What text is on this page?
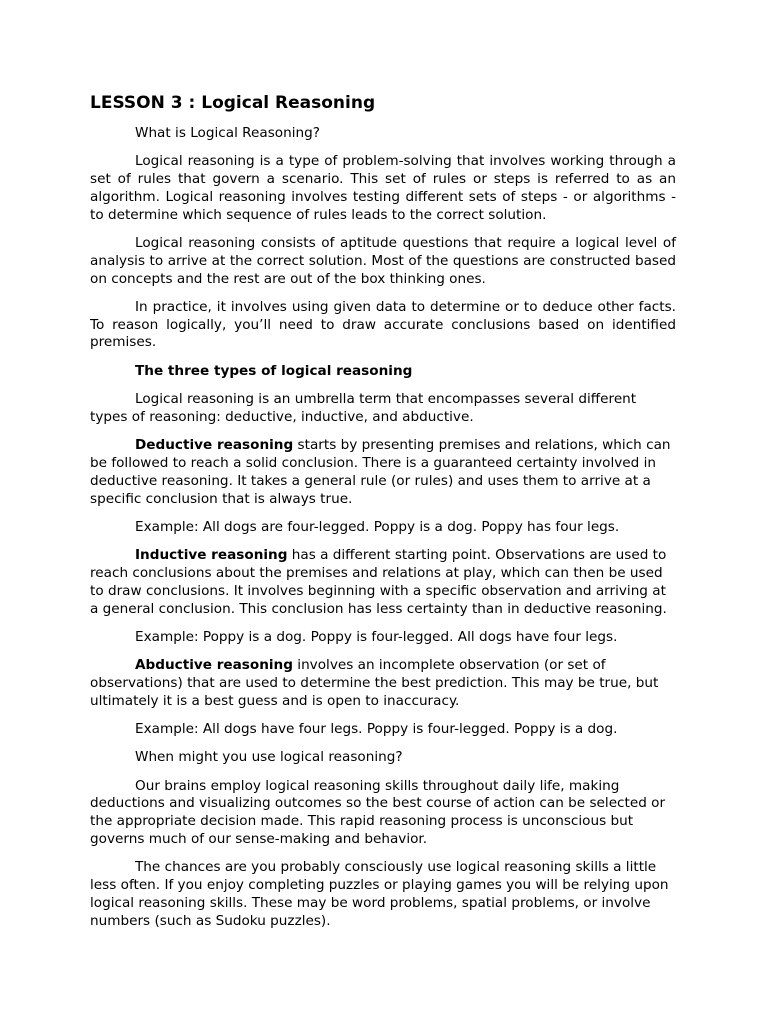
LESSON 3 : Logical Reasoning

What is Logical Reasoning?

Logical reasoning is a type of problem-solving that involves working through a set of rules that govern a scenario. This set of rules or steps is referred to as an algorithm. Logical reasoning involves testing different sets of steps - or algorithms - to determine which sequence of rules leads to the correct solution.

Logical reasoning consists of aptitude questions that require a logical level of analysis to arrive at the correct solution. Most of the questions are constructed based on concepts and the rest are out of the box thinking ones.

In practice, it involves using given data to determine or to deduce other facts. To reason logically, you’ll need to draw accurate conclusions based on identified premises.

The three types of logical reasoning

Logical reasoning is an umbrella term that encompasses several different types of reasoning: deductive, inductive, and abductive.

Deductive reasoning starts by presenting premises and relations, which can be followed to reach a solid conclusion. There is a guaranteed certainty involved in deductive reasoning. It takes a general rule (or rules) and uses them to arrive at a specific conclusion that is always true.

Example: All dogs are four-legged. Poppy is a dog. Poppy has four legs.

Inductive reasoning has a different starting point. Observations are used to reach conclusions about the premises and relations at play, which can then be used to draw conclusions. It involves beginning with a specific observation and arriving at a general conclusion. This conclusion has less certainty than in deductive reasoning.

Example: Poppy is a dog. Poppy is four-legged. All dogs have four legs.

Abductive reasoning involves an incomplete observation (or set of observations) that are used to determine the best prediction. This may be true, but ultimately it is a best guess and is open to inaccuracy.

Example: All dogs have four legs. Poppy is four-legged. Poppy is a dog.

When might you use logical reasoning?

Our brains employ logical reasoning skills throughout daily life, making deductions and visualizing outcomes so the best course of action can be selected or the appropriate decision made. This rapid reasoning process is unconscious but governs much of our sense-making and behavior.

The chances are you probably consciously use logical reasoning skills a little less often. If you enjoy completing puzzles or playing games you will be relying upon logical reasoning skills. These may be word problems, spatial problems, or involve numbers (such as Sudoku puzzles).
